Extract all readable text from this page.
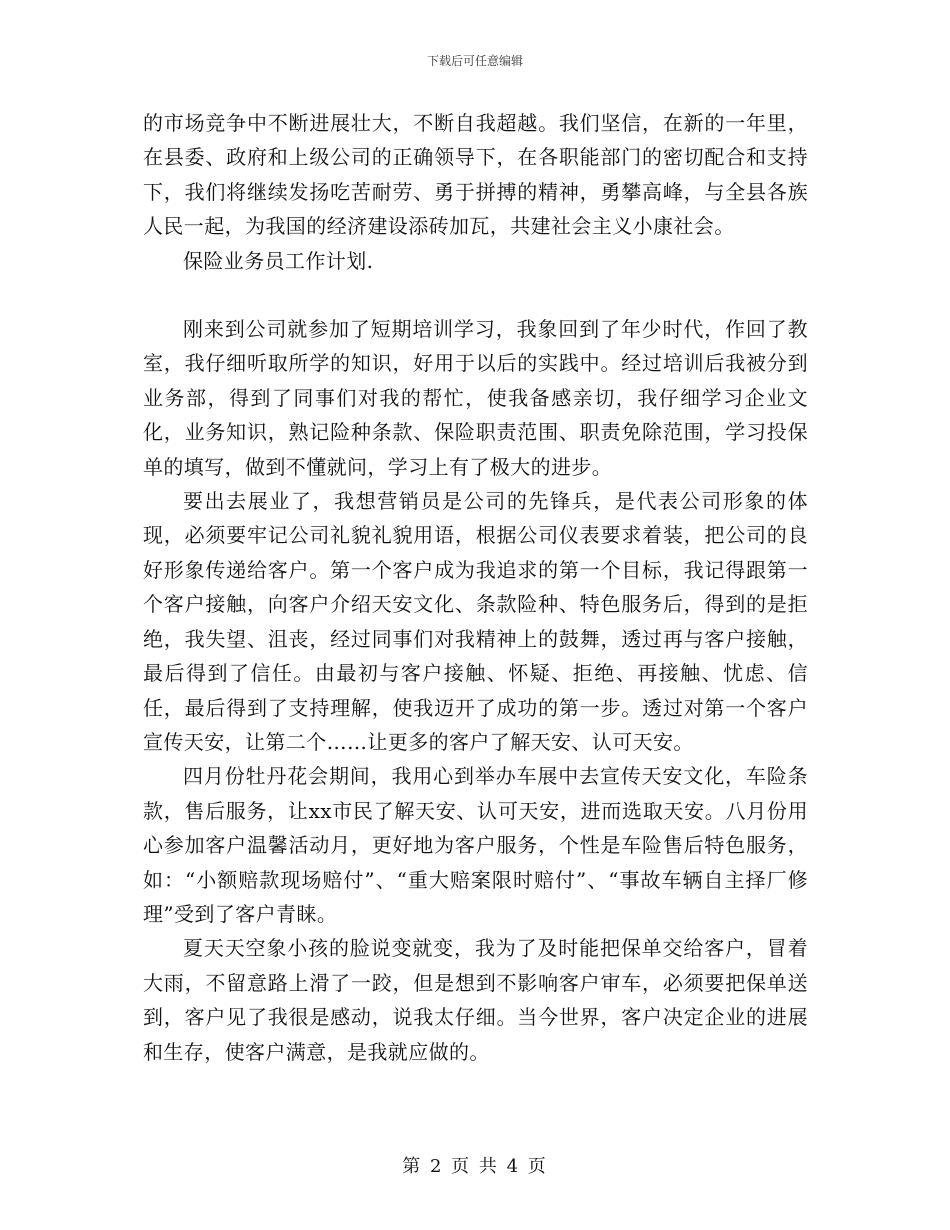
下载后可任意编辑

的市场竞争中不断进展壮大，不断自我超越。我们坚信，在新的一年里，在县委、政府和上级公司的正确领导下，在各职能部门的密切配合和支持下，我们将继续发扬吃苦耐劳、勇于拼搏的精神，勇攀高峰，与全县各族人民一起，为我国的经济建设添砖加瓦，共建社会主义小康社会。

保险业务员工作计划.

刚来到公司就参加了短期培训学习，我象回到了年少时代，作回了教室，我仔细听取所学的知识，好用于以后的实践中。经过培训后我被分到业务部，得到了同事们对我的帮忙，使我备感亲切，我仔细学习企业文化，业务知识，熟记险种条款、保险职责范围、职责免除范围，学习投保单的填写，做到不懂就问，学习上有了极大的进步。

要出去展业了，我想营销员是公司的先锋兵，是代表公司形象的体现，必须要牢记公司礼貌礼貌用语，根据公司仪表要求着装，把公司的良好形象传递给客户。第一个客户成为我追求的第一个目标，我记得跟第一个客户接触，向客户介绍天安文化、条款险种、特色服务后，得到的是拒绝，我失望、沮丧，经过同事们对我精神上的鼓舞，透过再与客户接触，最后得到了信任。由最初与客户接触、怀疑、拒绝、再接触、忧虑、信任，最后得到了支持理解，使我迈开了成功的第一步。透过对第一个客户宣传天安，让第二个……让更多的客户了解天安、认可天安。

四月份牡丹花会期间，我用心到举办车展中去宣传天安文化，车险条款，售后服务，让xx市民了解天安、认可天安，进而选取天安。八月份用心参加客户温馨活动月，更好地为客户服务，个性是车险售后特色服务，如：“小额赔款现场赔付”、“重大赔案限时赔付”、“事故车辆自主择厂修理”受到了客户青睐。

夏天天空象小孩的脸说变就变，我为了及时能把保单交给客户，冒着大雨，不留意路上滑了一跤，但是想到不影响客户审车，必须要把保单送到，客户见了我很是感动，说我太仔细。当今世界，客户决定企业的进展和生存，使客户满意，是我就应做的。

第 2 页 共 4 页
